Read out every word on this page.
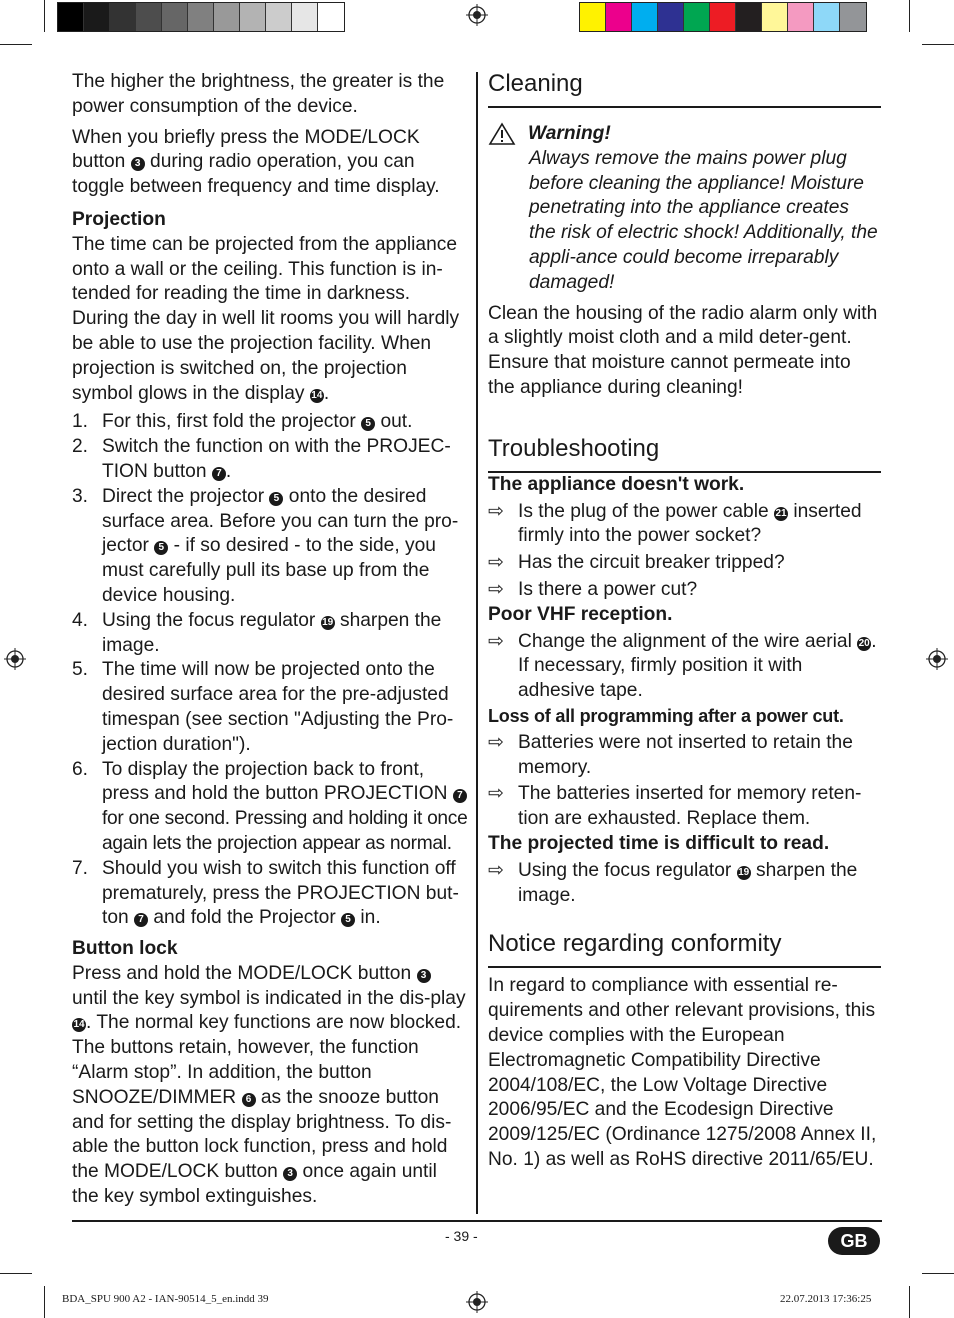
The higher the brightness, the greater is the power consumption of the device.

When you briefly press the MODE/LOCK button 3 during radio operation, you can toggle between frequency and time display.

Projection

The time can be projected from the appliance onto a wall or the ceiling. This function is in-tended for reading the time in darkness. During the day in well lit rooms you will hardly be able to use the projection facility. When projection is switched on, the projection symbol glows in the display 14.

1. For this, first fold the projector 5 out.
2. Switch the function on with the PROJEC-TION button 7 .
3. Direct the projector 5 onto the desired surface area. Before you can turn the pro-jector 5 - if so desired - to the side, you must carefully pull its base up from the device housing.
4. Using the focus regulator 19 sharpen the image.
5. The time will now be projected onto the desired surface area for the pre-adjusted timespan (see section "Adjusting the Pro-jection duration").
6. To display the projection back to front, press and hold the button PROJECTION 7 for one second. Pressing and holding it once again lets the projection appear as normal.
7. Should you wish to switch this function off prematurely, press the PROJECTION but-ton 7 and fold the Projector 5 in.

Button lock

Press and hold the MODE/LOCK button 3 until the key symbol is indicated in the dis-play 14. The normal key functions are now blocked. The buttons retain, however, the function “Alarm stop”. In addition, the button SNOOZE/DIMMER 6 as the snooze button and for setting the display brightness. To dis-able the button lock function, press and hold the MODE/LOCK button 3 once again until the key symbol extinguishes.

Cleaning
Warning!

Always remove the mains power plug before cleaning the appliance! Moisture penetrating into the appliance creates the risk of electric shock! Additionally, the appli-ance could become irreparably damaged!

Clean the housing of the radio alarm only with a slightly moist cloth and a mild deter-gent. Ensure that moisture cannot permeate into the appliance during cleaning!

Troubleshooting

The appliance doesn't work.

⇨ Is the plug of the power cable 21 inserted firmly into the power socket?
⇨ Has the circuit breaker tripped?
⇨ Is there a power cut?

Poor VHF reception.

⇨ Change the alignment of the wire aerial 20. If necessary, firmly position it with adhesive tape.

Loss of all programming after a power cut.

⇨ Batteries were not inserted to retain the memory.
⇨ The batteries inserted for memory reten-tion are exhausted. Replace them.

The projected time is difficult to read.

⇨ Using the focus regulator 19 sharpen the image.
Notice regarding conformity

In regard to compliance with essential re-quirements and other relevant provisions, this device complies with the European Electromagnetic Compatibility Directive 2004/108/EC, the Low Voltage Directive 2006/95/EC and the Ecodesign Directive 2009/125/EC (Ordinance 1275/2008 Annex II, No. 1) as well as RoHS directive 2011/65/EU.

- 39 -	GB
BDA_SPU 900 A2 - IAN-90514_5_en.indd 39	22.07.2013 17:36:25
